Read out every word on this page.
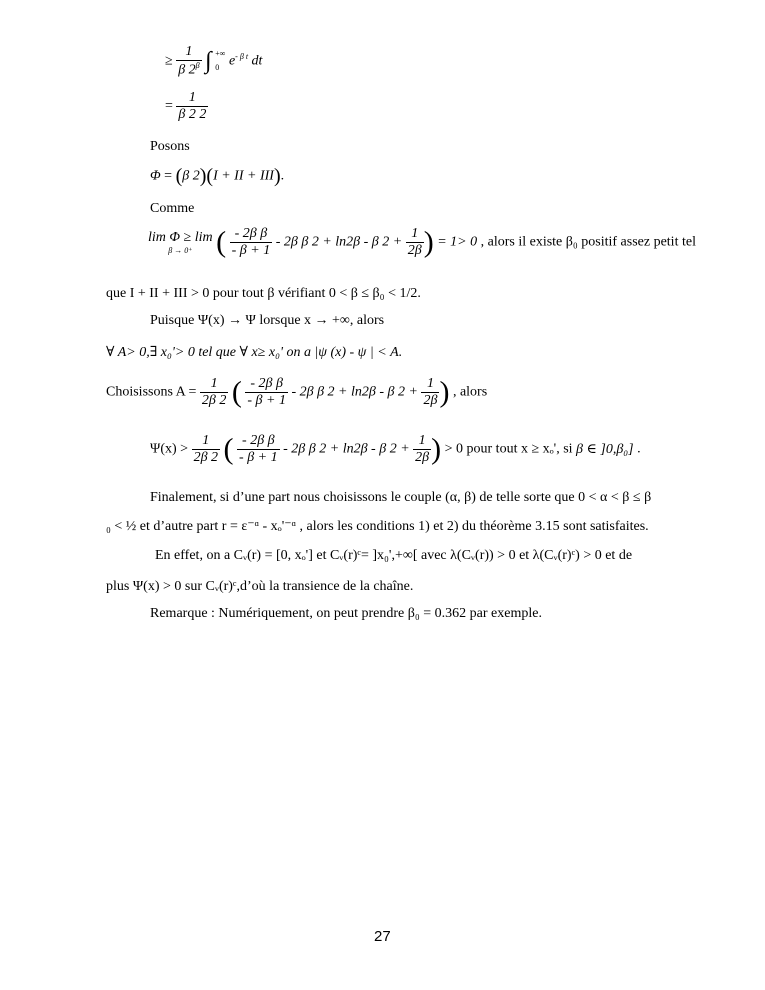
≥ $\frac{1}{\beta 2^\beta}$ ∫ +∞
0 $e^{- \beta t}$ dt
= $\frac{1}{\beta 2 2}$
Posons
Φ = (β 2)(I + II + III).
Comme
lim Φ ≥ lim
β → 0⁺ ( $\frac{\text{- 2β β}}{- \beta + 1} - 2\beta$ β 2 + ln2β - β $2 + \frac{1}{2\beta}$ ) = 1> 0 , alors il existe β₀ positif assez petit tel
que I + II + III > 0 pour tout β vérifiant 0 < β ≤ β₀ < 1/2.
Puisque Ψ(x) → Ψ lorsque x → +∞, alors
∀ A> 0,∃ x₀'> 0 tel que ∀ x≥ x₀' on a |ψ (x) - ψ | < A.
Choisissons $A = \frac{1}{2\beta 2}$ ( $\frac{\text{- 2β β}}{- \beta + 1} - 2\beta$ β 2 + ln2β - β $2 + \frac{1}{2\beta}$ ) , alors
$\Psi(x) > \frac{1}{2\beta 2}$ ( $\frac{\text{- 2β β}}{- \beta + 1} - 2\beta$ β 2 + ln2β - β $2 + \frac{1}{2\beta}$ ) > 0 pour tout x ≥ xₒ', si β ∈ ]0,β₀] .
Finalement, si d’une part nous choisissons le couple (α, β) de telle sorte que 0 < α < β ≤ β
₀ < ½ et d’autre part r = ε⁻ᵅ - xₒ'⁻ᵅ , alors les conditions 1) et 2) du théorème 3.15 sont satisfaites.
En effet, on a Cᵥ(r) = [0, xₒ'] et Cᵥ(r)ᶜ= ]x₀',+∞[ avec λ(Cᵥ(r)) > 0 et λ(Cᵥ(r)ᶜ) > 0 et de
plus Ψ(x) > 0 sur Cᵥ(r)ᶜ,d’où la transience de la chaîne.
Remarque : Numériquement, on peut prendre β₀ = 0.362 par exemple.
27
